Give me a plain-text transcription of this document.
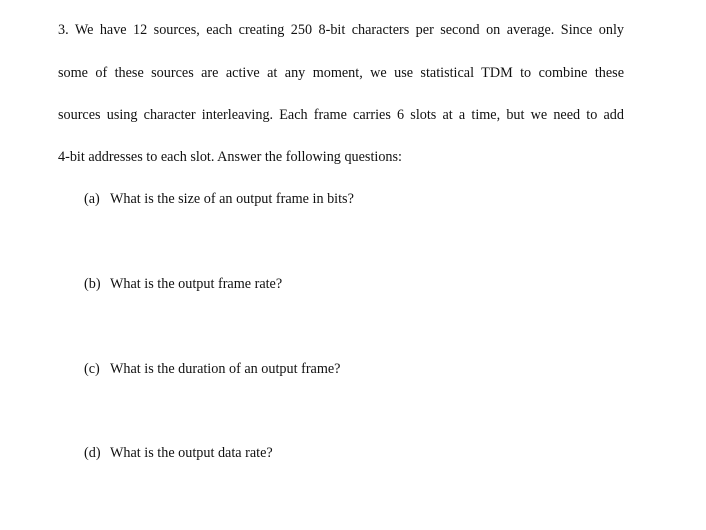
3. We have 12 sources, each creating 250 8-bit characters per second on average. Since only
some of these sources are active at any moment, we use statistical TDM to combine these
sources using character interleaving. Each frame carries 6 slots at a time, but we need to add
4-bit addresses to each slot. Answer the following questions:
(a) What is the size of an output frame in bits?
(b) What is the output frame rate?
(c) What is the duration of an output frame?
(d) What is the output data rate?
